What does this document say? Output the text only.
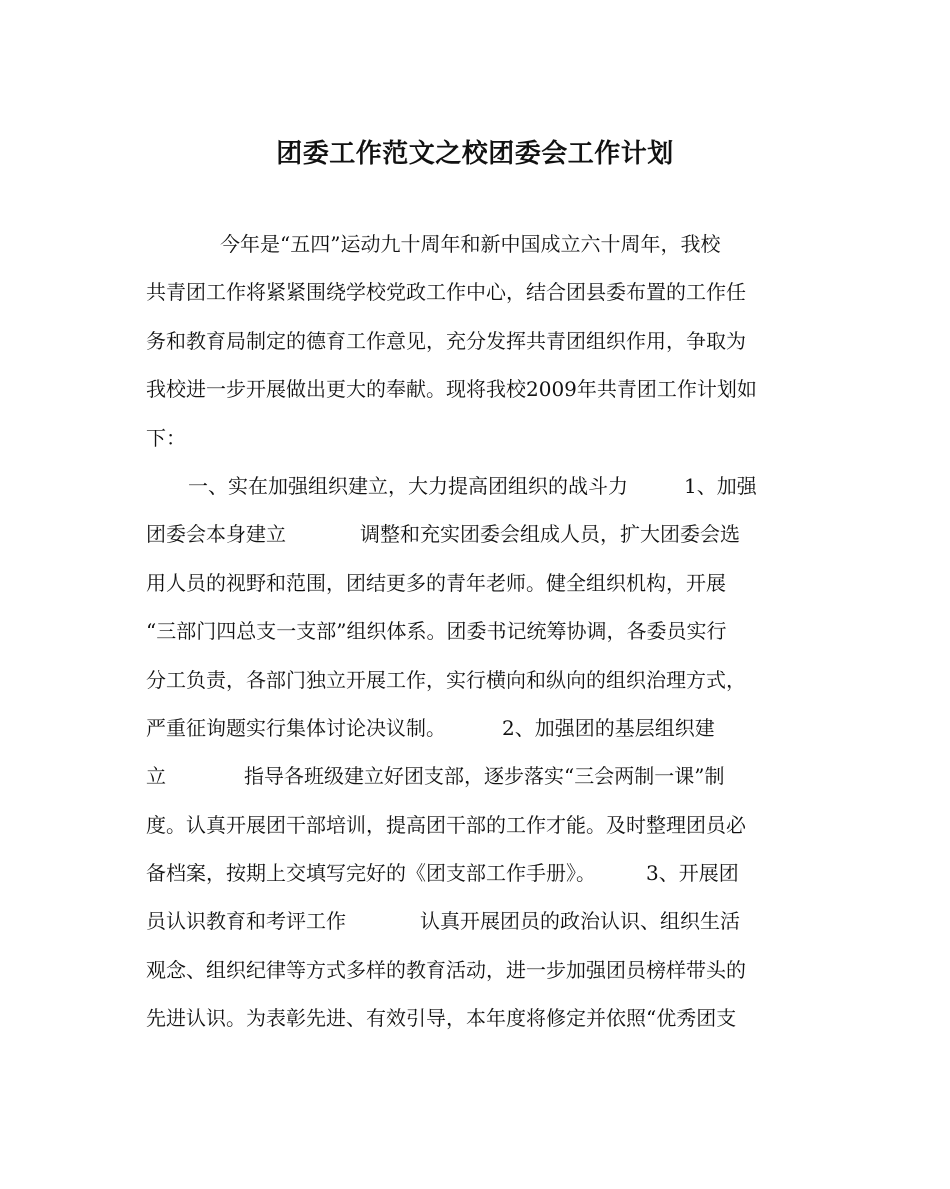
团委工作范文之校团委会工作计划
今年是“五四”运动九十周年和新中国成立六十周年，我校
共青团工作将紧紧围绕学校党政工作中心，结合团县委布置的工作任
务和教育局制定的德育工作意见，充分发挥共青团组织作用，争取为
我校进一步开展做出更大的奉献。现将我校2009年共青团工作计划如
下：
一、实在加强组织建立，大力提高团组织的战斗力	1、加强
团委会本身建立	调整和充实团委会组成人员，扩大团委会选
用人员的视野和范围，团结更多的青年老师。健全组织机构，开展
“三部门四总支一支部”组织体系。团委书记统筹协调，各委员实行
分工负责，各部门独立开展工作，实行横向和纵向的组织治理方式，
严重征询题实行集体讨论决议制。	2、加强团的基层组织建
立	指导各班级建立好团支部，逐步落实“三会两制一课”制
度。认真开展团干部培训，提高团干部的工作才能。及时整理团员必
备档案，按期上交填写完好的《团支部工作手册》。	3、开展团
员认识教育和考评工作	认真开展团员的政治认识、组织生活
观念、组织纪律等方式多样的教育活动，进一步加强团员榜样带头的
先进认识。为表彰先进、有效引导，本年度将修定并依照“优秀团支
